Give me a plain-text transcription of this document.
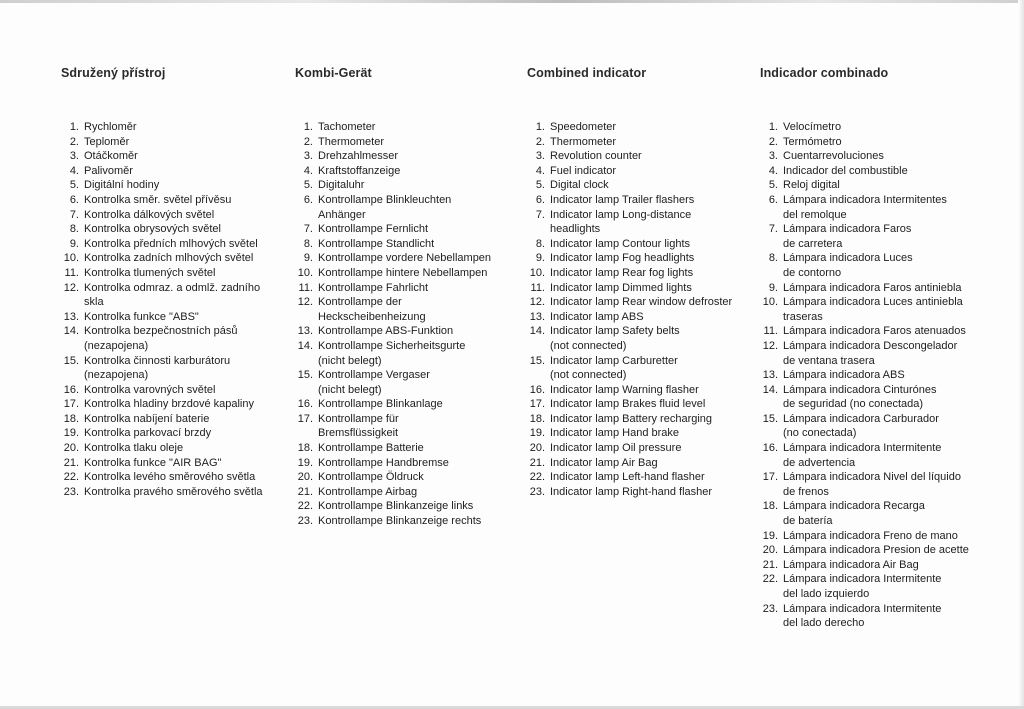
Sdružený přístroj
1. Rychloměr
2. Teploměr
3. Otáčkoměr
4. Palivoměr
5. Digitální hodiny
6. Kontrolka směr. světel přívěsu
7. Kontrolka dálkových světel
8. Kontrolka obrysových světel
9. Kontrolka předních mlhových světel
10. Kontrolka zadních mlhových světel
11. Kontrolka tlumených světel
12. Kontrolka odmraz. a odmlž. zadního
skla
13. Kontrolka funkce "ABS"
14. Kontrolka bezpečnostních pásů
(nezapojena)
15. Kontrolka činnosti karburátoru
(nezapojena)
16. Kontrolka varovných světel
17. Kontrolka hladiny brzdové kapaliny
18. Kontrolka nabíjení baterie
19. Kontrolka parkovací brzdy
20. Kontrolka tlaku oleje
21. Kontrolka funkce "AIR BAG"
22. Kontrolka levého směrového světla
23. Kontrolka pravého směrového světla
Kombi-Gerät
1. Tachometer
2. Thermometer
3. Drehzahlmesser
4. Kraftstoffanzeige
5. Digitaluhr
6. Kontrollampe Blinkleuchten
Anhänger
7. Kontrollampe Fernlicht
8. Kontrollampe Standlicht
9. Kontrollampe vordere Nebellampen
10. Kontrollampe hintere Nebellampen
11. Kontrollampe Fahrlicht
12. Kontrollampe der
Heckscheibenheizung
13. Kontrollampe ABS-Funktion
14. Kontrollampe Sicherheitsgurte
(nicht belegt)
15. Kontrollampe Vergaser
(nicht belegt)
16. Kontrollampe Blinkanlage
17. Kontrollampe für
Bremsflüssigkeit
18. Kontrollampe Batterie
19. Kontrollampe Handbremse
20. Kontrollampe Öldruck
21. Kontrollampe Airbag
22. Kontrollampe Blinkanzeige links
23. Kontrollampe Blinkanzeige rechts
Combined indicator
1. Speedometer
2. Thermometer
3. Revolution counter
4. Fuel indicator
5. Digital clock
6. Indicator lamp Trailer flashers
7. Indicator lamp Long-distance
headlights
8. Indicator lamp Contour lights
9. Indicator lamp Fog headlights
10. Indicator lamp Rear fog lights
11. Indicator lamp Dimmed lights
12. Indicator lamp Rear window defroster
13. Indicator lamp ABS
14. Indicator lamp Safety belts
(not connected)
15. Indicator lamp Carburetter
(not connected)
16. Indicator lamp Warning flasher
17. Indicator lamp Brakes fluid level
18. Indicator lamp Battery recharging
19. Indicator lamp Hand brake
20. Indicator lamp Oil pressure
21. Indicator lamp Air Bag
22. Indicator lamp Left-hand flasher
23. Indicator lamp Right-hand flasher
Indicador combinado
1. Velocímetro
2. Termómetro
3. Cuentarrevoluciones
4. Indicador del combustible
5. Reloj digital
6. Lámpara indicadora Intermitentes
del remolque
7. Lámpara indicadora Faros
de carretera
8. Lámpara indicadora Luces
de contorno
9. Lámpara indicadora Faros antiniebla
10. Lámpara indicadora Luces antiniebla
traseras
11. Lámpara indicadora Faros atenuados
12. Lámpara indicadora Descongelador
de ventana trasera
13. Lámpara indicadora ABS
14. Lámpara indicadora Cinturónes
de seguridad (no conectada)
15. Lámpara indicadora Carburador
(no conectada)
16. Lámpara indicadora Intermitente
de advertencia
17. Lámpara indicadora Nivel del líquido
de frenos
18. Lámpara indicadora Recarga
de batería
19. Lámpara indicadora Freno de mano
20. Lámpara indicadora Presion de acette
21. Lámpara indicadora Air Bag
22. Lámpara indicadora Intermitente
del lado izquierdo
23. Lámpara indicadora Intermitente
del lado derecho
